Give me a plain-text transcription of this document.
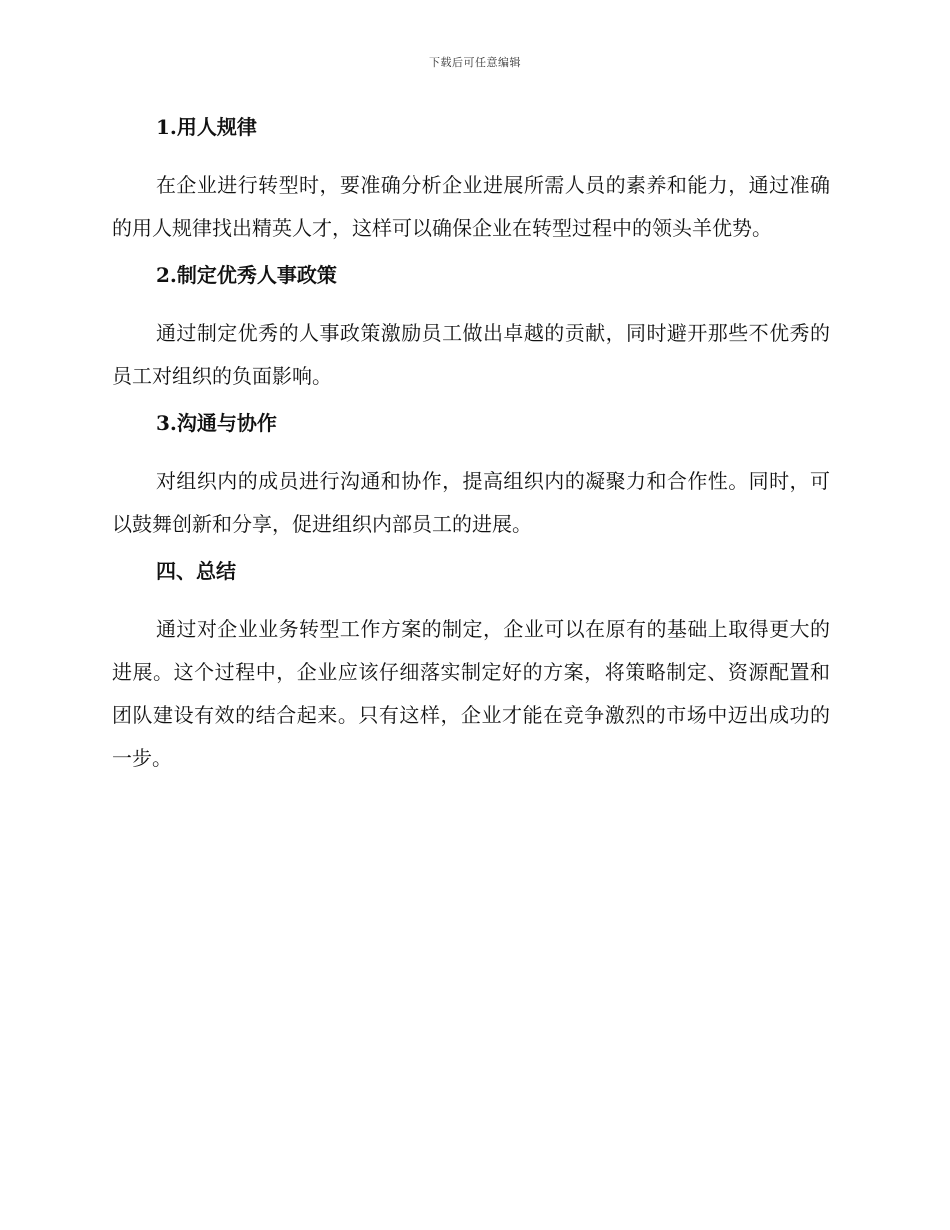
下载后可任意编辑
1.用人规律

在企业进行转型时，要准确分析企业进展所需人员的素养和能力，通过准确的用人规律找出精英人才，这样可以确保企业在转型过程中的领头羊优势。

2.制定优秀人事政策

通过制定优秀的人事政策激励员工做出卓越的贡献，同时避开那些不优秀的员工对组织的负面影响。

3.沟通与协作

对组织内的成员进行沟通和协作，提高组织内的凝聚力和合作性。同时，可以鼓舞创新和分享，促进组织内部员工的进展。

四、总结

通过对企业业务转型工作方案的制定，企业可以在原有的基础上取得更大的进展。这个过程中，企业应该仔细落实制定好的方案，将策略制定、资源配置和团队建设有效的结合起来。只有这样，企业才能在竞争激烈的市场中迈出成功的一步。
